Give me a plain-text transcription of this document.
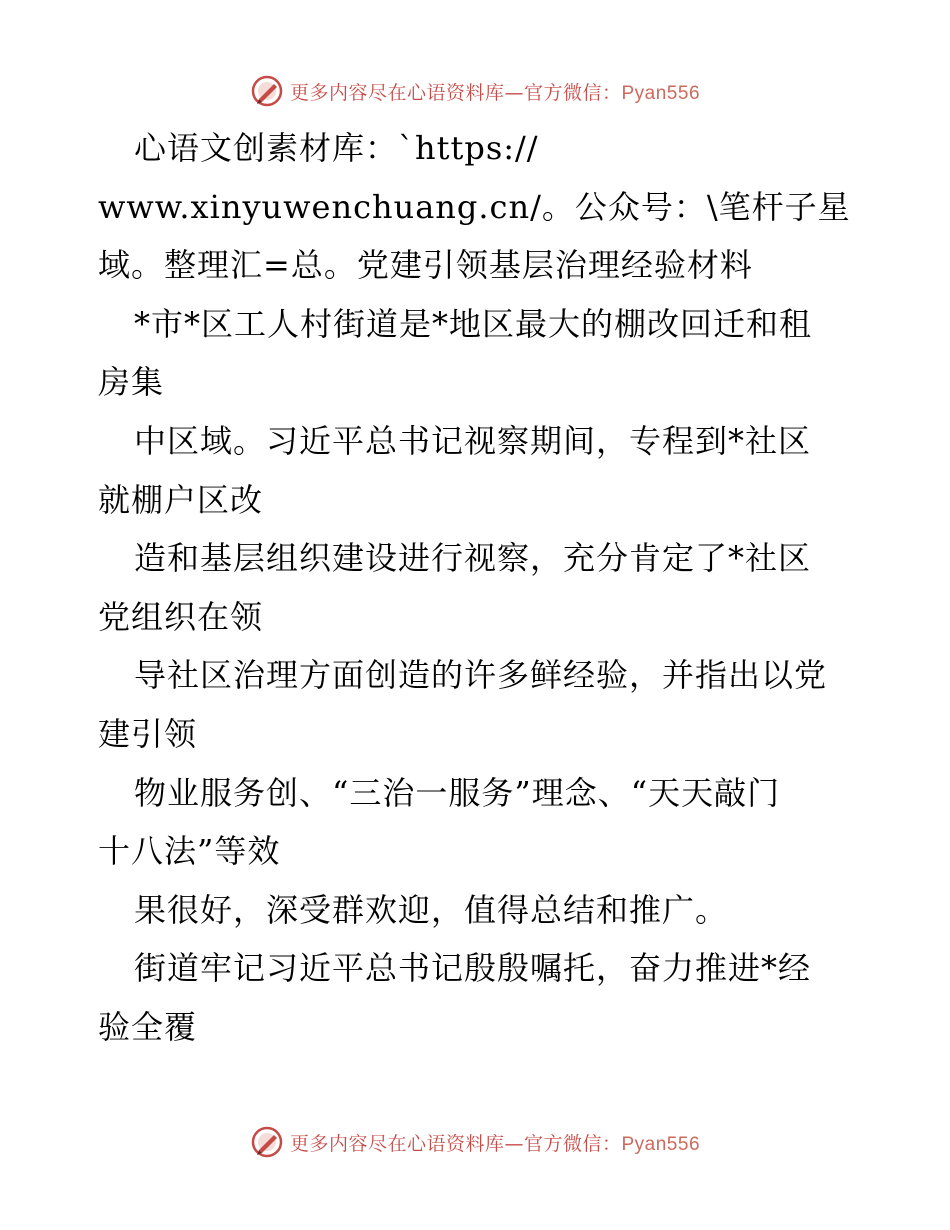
更多内容尽在心语资料库—官方微信：Pyan556
心语文创素材库：`https://
www.xinyuwenchuang.cn/。公众号：\笔杆子星
域。整理汇=总。党建引领基层治理经验材料
*市*区工人村街道是*地区最大的棚改回迁和租
房集
中区域。习近平总书记视察期间，专程到*社区
就棚户区改
造和基层组织建设进行视察，充分肯定了*社区
党组织在领
导社区治理方面创造的许多鲜经验，并指出以党
建引领
物业服务创、“三治一服务”理念、“天天敲门
十八法”等效
果很好，深受群欢迎，值得总结和推广。
街道牢记习近平总书记殷殷嘱托，奋力推进*经
验全覆
更多内容尽在心语资料库—官方微信：Pyan556
